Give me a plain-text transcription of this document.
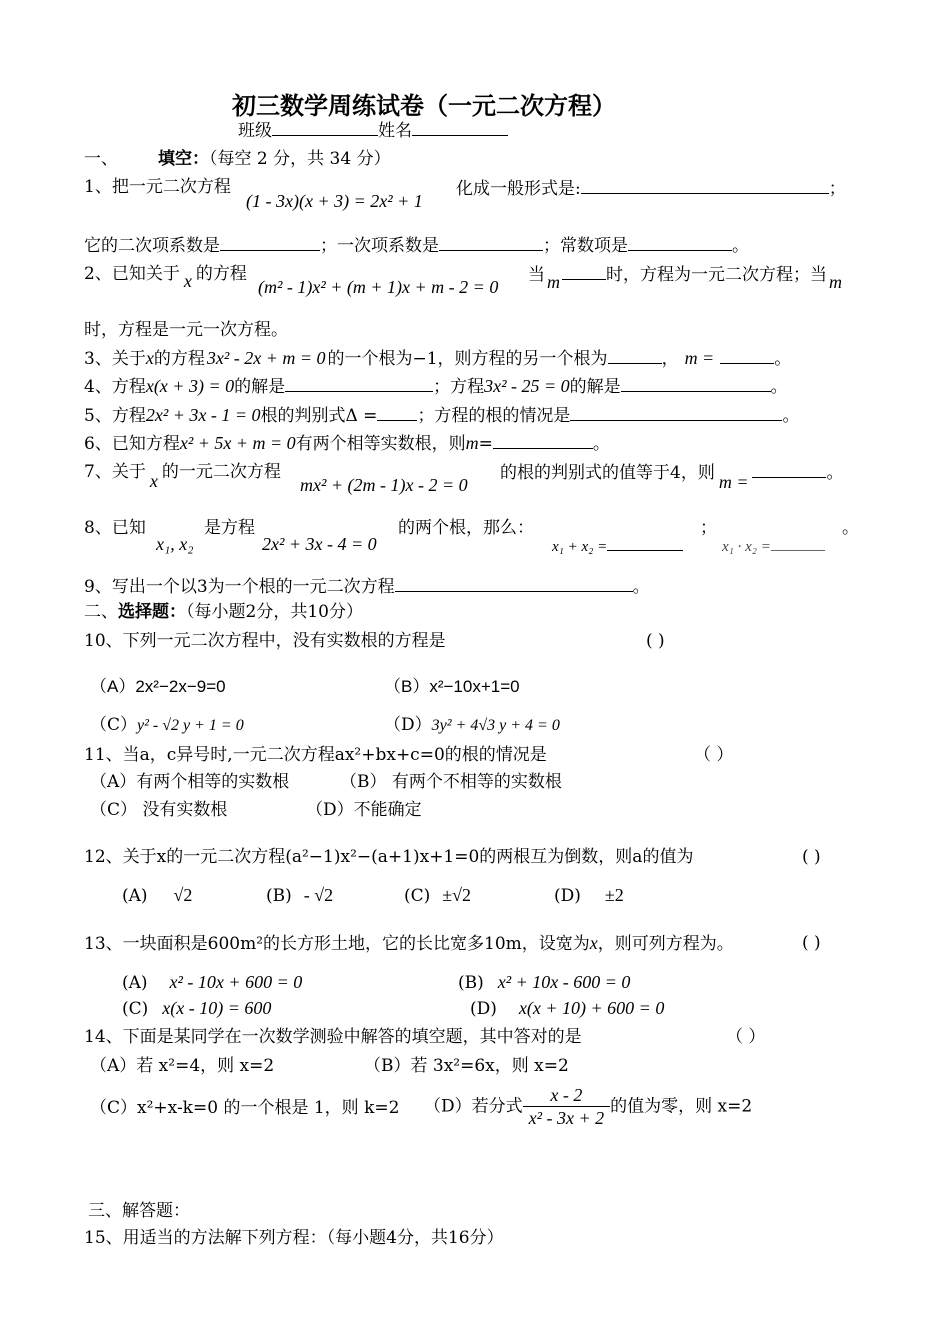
初三数学周练试卷（一元二次方程）
班级	姓名
一、 填空：（每空 2 分，共 34 分）
1、把一元二次方程
(1 - 3x)(x + 3) = 2x² + 1
化成一般形式是:	；
它的二次项系数是	；一次项系数是	；常数项是	。
2、已知关于 x 的方程
(m² - 1)x² + (m + 1)x + m - 2 = 0
当 m	时，方程为一元二次方程；当 m
时，方程是一元一次方程。
3、关于x的方程 3x² - 2x + m = 0 的一个根为−1，则方程的另一个根为	， m =	。
4、方程x(x + 3) = 0的解是	；方程3x² - 25 = 0的解是	。
5、方程2x² + 3x - 1 = 0根的判别式Δ = ；方程的根的情况是	。
6、已知方程x² + 5x + m = 0有两个相等实数根，则m=	。
7、关于 x 的一元二次方程
mx² + (2m - 1)x - 2 = 0
的根的判别式的值等于4，则 m =	。
8、已知
x₁, x₂
是方程
2x² + 3x - 4 = 0
的两个根，那么：
x₁ + x₂ =
；
x₁ · x₂ =
。
9、写出一个以3为一个根的一元二次方程	。
二、选择题：（每小题2分，共10分）
10、下列一元二次方程中，没有实数根的方程是	( )
（A）2x²−2x−9=0	（B）x²−10x+1=0
（C）y² - √2 y + 1 = 0	（D）3y² + 4√3 y + 4 = 0
11、当a，c异号时,一元二次方程ax²+bx+c=0的根的情况是	（ ）
（A）有两个相等的实数根	（B） 有两个不相等的实数根
（C） 没有实数根	（D）不能确定
12、关于x的一元二次方程(a²−1)x²−(a+1)x+1=0的两根互为倒数，则a的值为	( )
(A) √2	(B) - √2	(C) ±√2	(D) ±2
13、一块面积是600m²的长方形土地，它的长比宽多10m，设宽为x，则可列方程为。	( )
(A) x² - 10x + 600 = 0	(B) x² + 10x - 600 = 0
(C) x(x - 10) = 600	(D) x(x + 10) + 600 = 0
14、下面是某同学在一次数学测验中解答的填空题，其中答对的是	（ ）
（A）若 x²=4，则 x=2	（B）若 3x²=6x，则 x=2
（C）x²+x-k=0 的一个根是 1，则 k=2 （D）若分式 $\frac{x - 2}{\text{x² - 3x + 2}}$ 的值为零，则 x=2
三、解答题：
15、用适当的方法解下列方程：（每小题4分，共16分）
